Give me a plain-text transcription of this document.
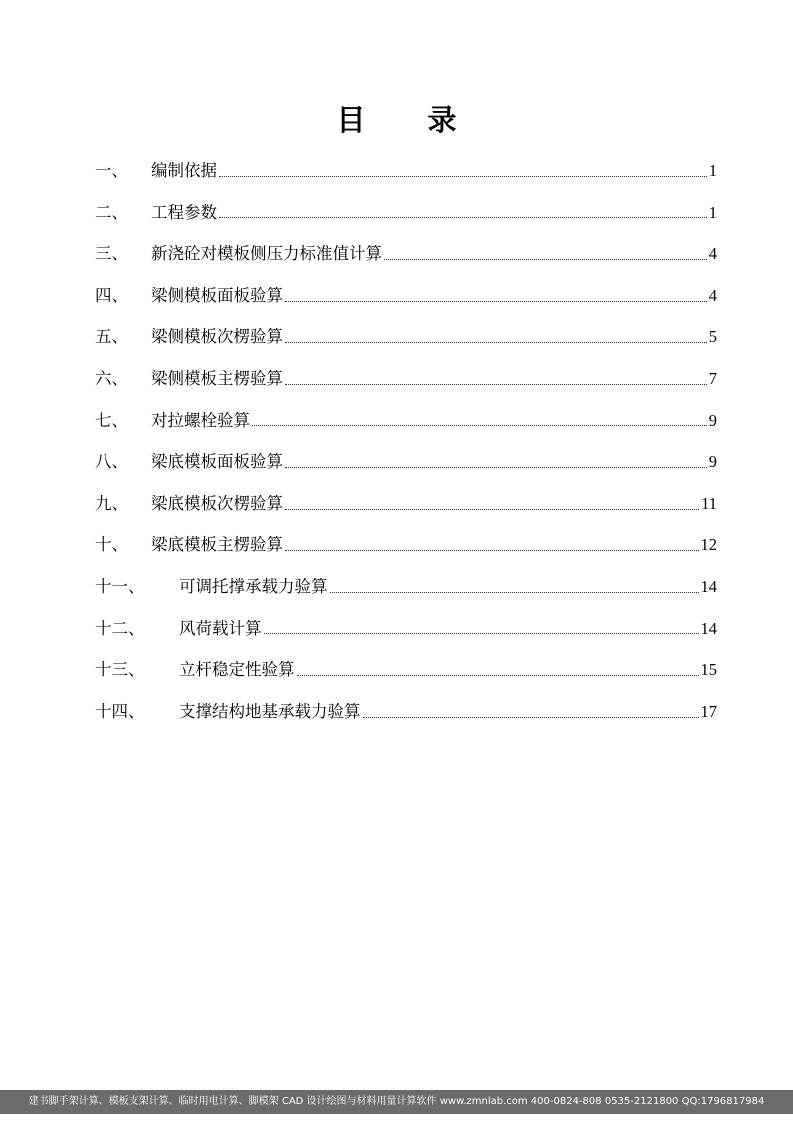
目 录
一、	编制依据	1
二、	工程参数	1
三、	新浇砼对模板侧压力标准值计算	4
四、	梁侧模板面板验算	4
五、	梁侧模板次楞验算	5
六、	梁侧模板主楞验算	7
七、	对拉螺栓验算	9
八、	梁底模板面板验算	9
九、	梁底模板次楞验算	11
十、	梁底模板主楞验算	12
十一、	可调托撑承载力验算	14
十二、	风荷载计算	14
十三、	立杆稳定性验算	15
十四、	支撑结构地基承载力验算	17
建书脚手架计算、模板支架计算、临时用电计算、脚模架 CAD 设计绘图与材料用量计算软件 www.zmnlab.com 400-0824-808 0535-2121800 QQ:1796817984
